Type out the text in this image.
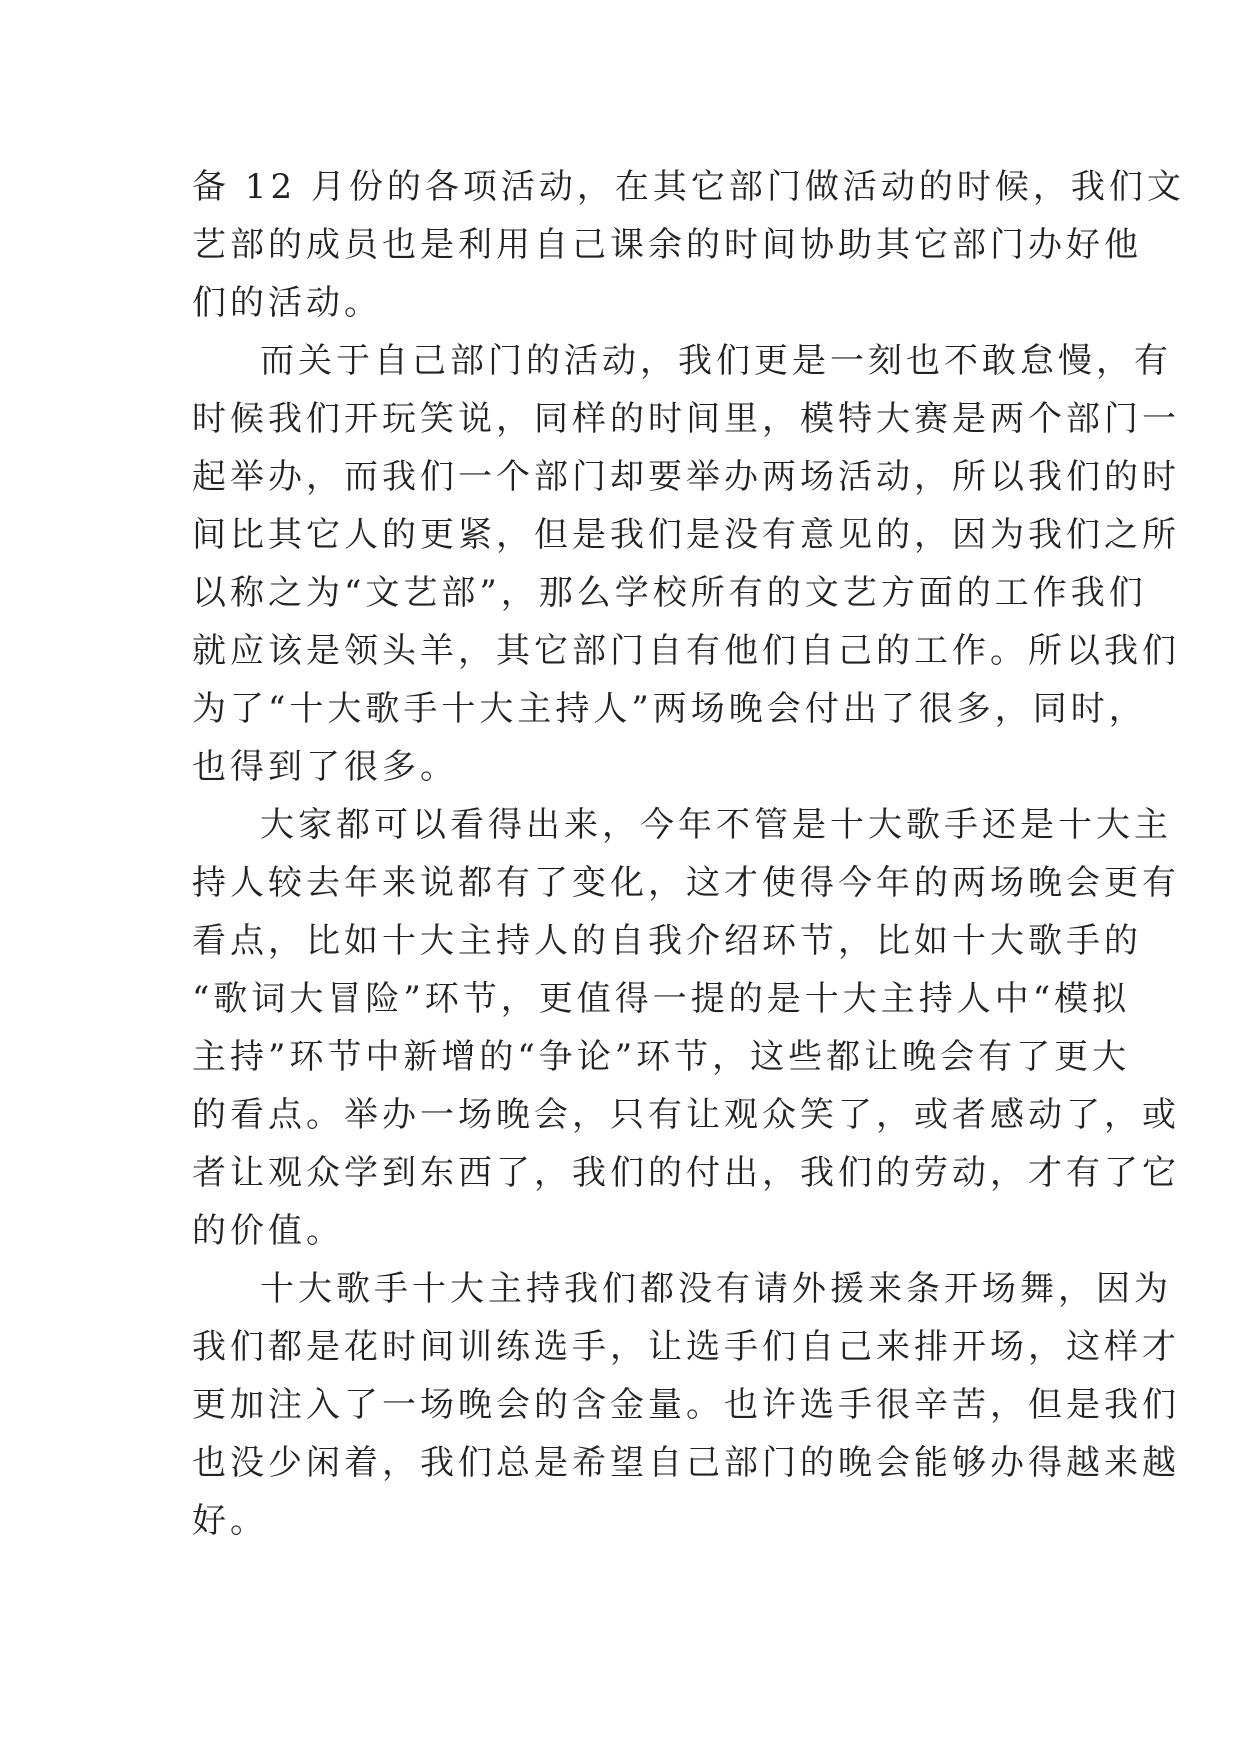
备 12 月份的各项活动，在其它部门做活动的时候，我们文
艺部的成员也是利用自己课余的时间协助其它部门办好他
们的活动。
而关于自己部门的活动，我们更是一刻也不敢怠慢，有
时候我们开玩笑说，同样的时间里，模特大赛是两个部门一
起举办，而我们一个部门却要举办两场活动，所以我们的时
间比其它人的更紧，但是我们是没有意见的，因为我们之所
以称之为“文艺部”，那么学校所有的文艺方面的工作我们
就应该是领头羊，其它部门自有他们自己的工作。所以我们
为了“十大歌手十大主持人”两场晚会付出了很多，同时，
也得到了很多。
大家都可以看得出来，今年不管是十大歌手还是十大主
持人较去年来说都有了变化，这才使得今年的两场晚会更有
看点，比如十大主持人的自我介绍环节，比如十大歌手的
“歌词大冒险”环节，更值得一提的是十大主持人中“模拟
主持”环节中新增的“争论”环节，这些都让晚会有了更大
的看点。举办一场晚会，只有让观众笑了，或者感动了，或
者让观众学到东西了，我们的付出，我们的劳动，才有了它
的价值。
十大歌手十大主持我们都没有请外援来条开场舞，因为
我们都是花时间训练选手，让选手们自己来排开场，这样才
更加注入了一场晚会的含金量。也许选手很辛苦，但是我们
也没少闲着，我们总是希望自己部门的晚会能够办得越来越
好。
